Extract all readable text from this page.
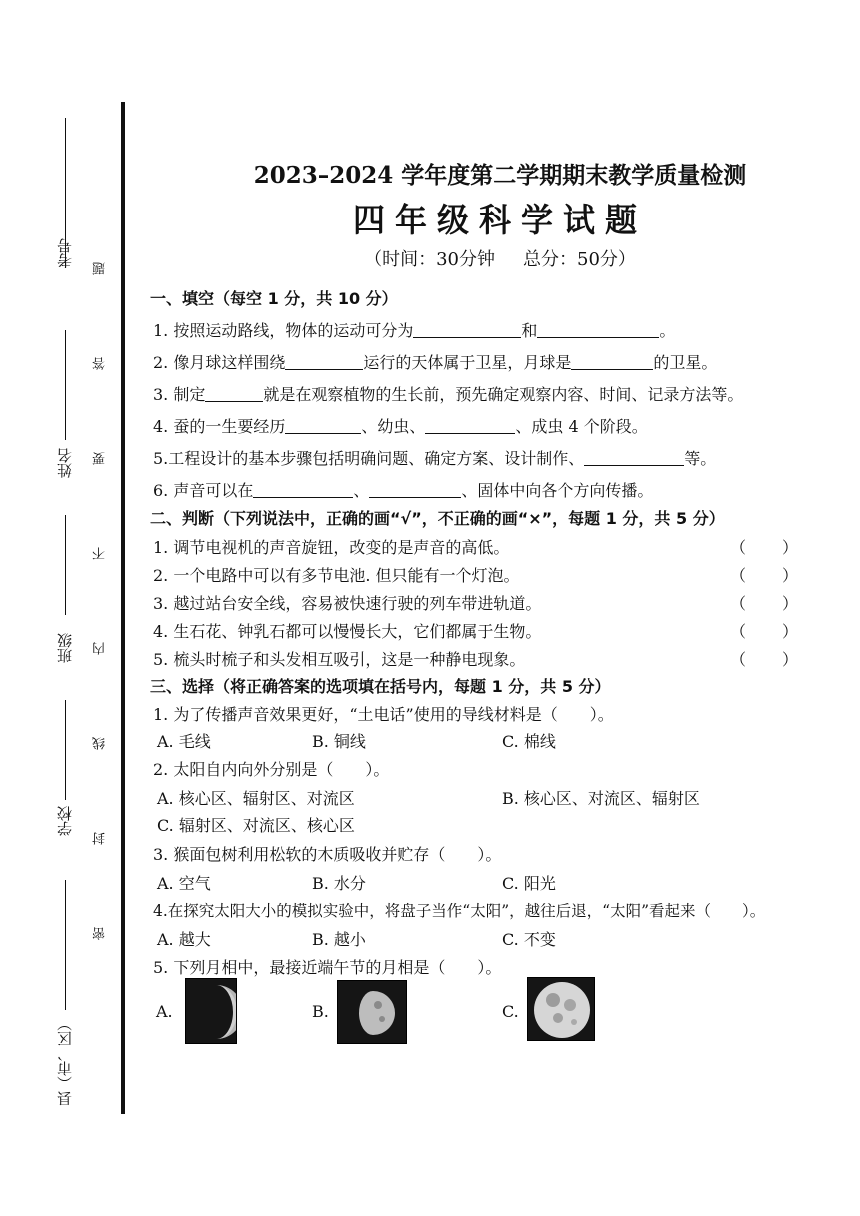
考号
姓名
班级
学校
县（市、区）
题
答
要
不
内
线
封
密
2023–2024 学年度第二学期期末教学质量检测
四年级科学试题
（时间：30分钟 总分：50分）
一、填空（每空 1 分，共 10 分）
1. 按照运动路线，物体的运动可分为	和	。
2. 像月球这样围绕	运行的天体属于卫星，月球是	的卫星。
3. 制定	就是在观察植物的生长前，预先确定观察内容、时间、记录方法等。
4. 蚕的一生要经历	、幼虫、	、成虫 4 个阶段。
5.工程设计的基本步骤包括明确问题、确定方案、设计制作、	等。
6. 声音可以在	、	、固体中向各个方向传播。
二、判断（下列说法中，正确的画“√”，不正确的画“×”，每题 1 分，共 5 分）
1. 调节电视机的声音旋钮，改变的是声音的高低。	（ ）
2. 一个电路中可以有多节电池. 但只能有一个灯泡。	（ ）
3. 越过站台安全线，容易被快速行驶的列车带进轨道。	（ ）
4. 生石花、钟乳石都可以慢慢长大，它们都属于生物。	（ ）
5. 梳头时梳子和头发相互吸引，这是一种静电现象。	（ ）
三、选择（将正确答案的选项填在括号内，每题 1 分，共 5 分）
1. 为了传播声音效果更好，“土电话”使用的导线材料是（　　）。
A. 毛线	B. 铜线	C. 棉线
2. 太阳自内向外分别是（　　）。
A. 核心区、辐射区、对流区	B. 核心区、对流区、辐射区
C. 辐射区、对流区、核心区
3. 猴面包树利用松软的木质吸收并贮存（　　）。
A. 空气	B. 水分	C. 阳光
4.在探究太阳大小的模拟实验中，将盘子当作“太阳”，越往后退，“太阳”看起来（　　）。
A. 越大	B. 越小	C. 不变
5. 下列月相中，最接近端午节的月相是（　　）。
A.	B.	C.
